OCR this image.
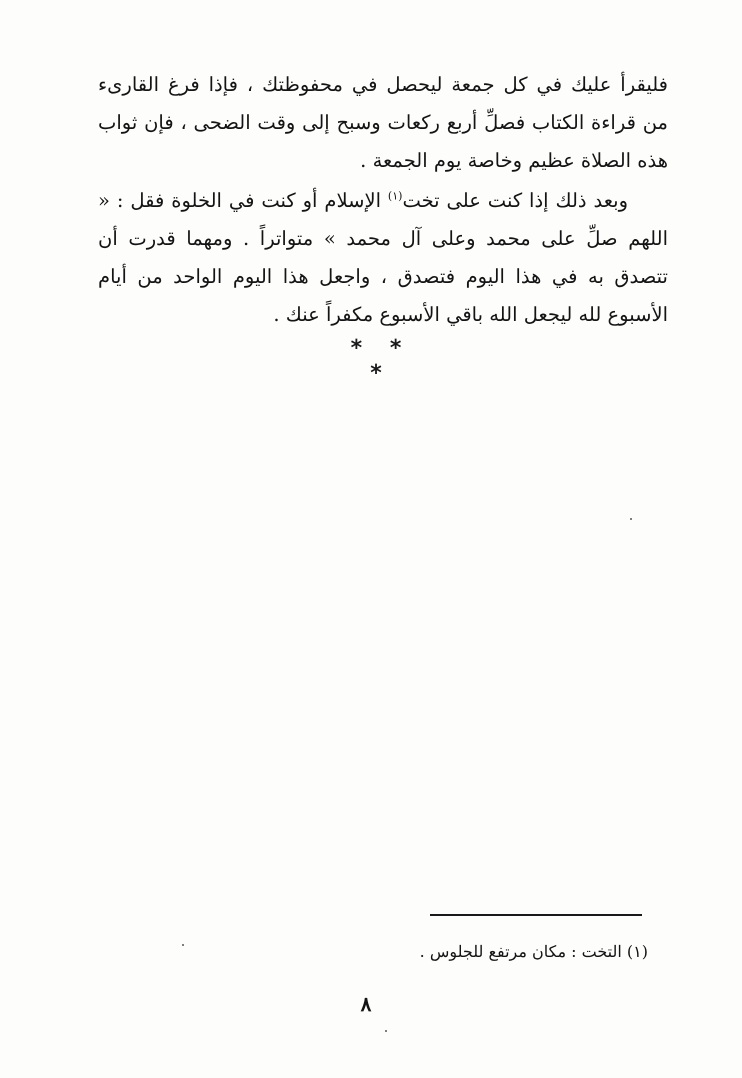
فليقرأ عليك في كل جمعة ليحصل في محفوظتك ، فإذا فرغ القارىء من قراءة الكتاب فصلِّ أربع ركعات وسبح إلى وقت الضحى ، فإن ثواب هذه الصلاة عظيم وخاصة يوم الجمعة .

وبعد ذلك إذا كنت على تخت$^{(١)}$ الإسلام أو كنت في الخلوة فقل : « اللهم صلِّ على محمد وعلى آل محمد » متواتراً . ومهما قدرت أن تتصدق به في هذا اليوم فتصدق ، واجعل هذا اليوم الواحد من أيام الأسبوع لله ليجعل الله باقي الأسبوع مكفراً عنك .

* * *
(١) التخت : مكان مرتفع للجلوس .
٨
